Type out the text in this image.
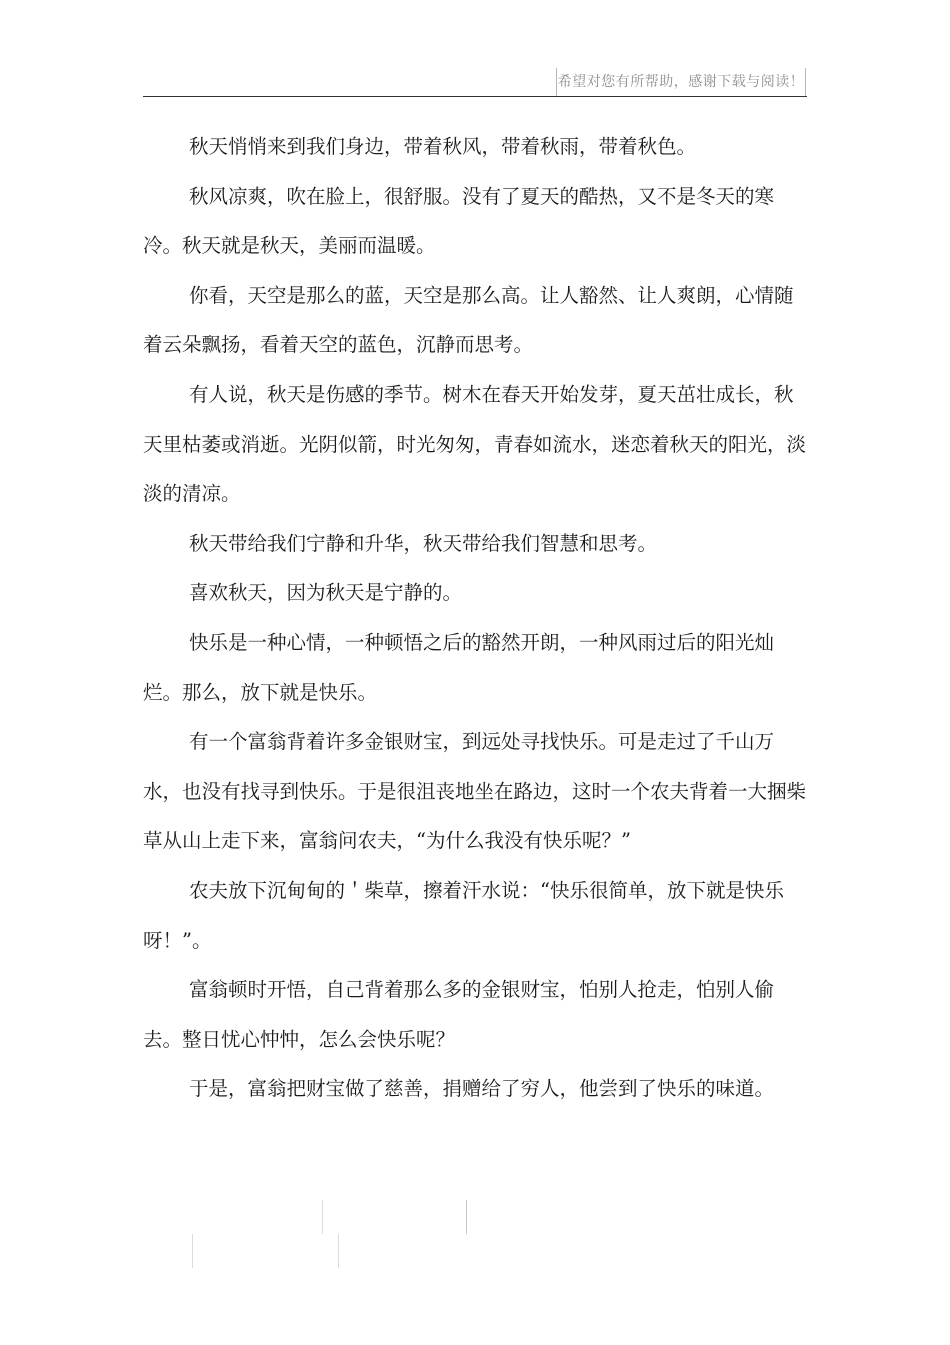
希望对您有所帮助，感谢下载与阅读！

秋天悄悄来到我们身边，带着秋风，带着秋雨，带着秋色。

秋风凉爽，吹在脸上，很舒服。没有了夏天的酷热，又不是冬天的寒冷。秋天就是秋天，美丽而温暖。

你看，天空是那么的蓝，天空是那么高。让人豁然、让人爽朗，心情随着云朵飘扬，看着天空的蓝色，沉静而思考。

有人说，秋天是伤感的季节。树木在春天开始发芽，夏天茁壮成长，秋天里枯萎或消逝。光阴似箭，时光匆匆，青春如流水，迷恋着秋天的阳光，淡淡的清凉。

秋天带给我们宁静和升华，秋天带给我们智慧和思考。

喜欢秋天，因为秋天是宁静的。

快乐是一种心情，一种顿悟之后的豁然开朗，一种风雨过后的阳光灿烂。那么，放下就是快乐。

有一个富翁背着许多金银财宝，到远处寻找快乐。可是走过了千山万水，也没有找寻到快乐。于是很沮丧地坐在路边，这时一个农夫背着一大捆柴草从山上走下来，富翁问农夫，“为什么我没有快乐呢？”

农夫放下沉甸甸的＇柴草，擦着汗水说：“快乐很简单，放下就是快乐呀！”。

富翁顿时开悟，自己背着那么多的金银财宝，怕别人抢走，怕别人偷去。整日忧心忡忡，怎么会快乐呢？

于是，富翁把财宝做了慈善，捐赠给了穷人，他尝到了快乐的味道。
